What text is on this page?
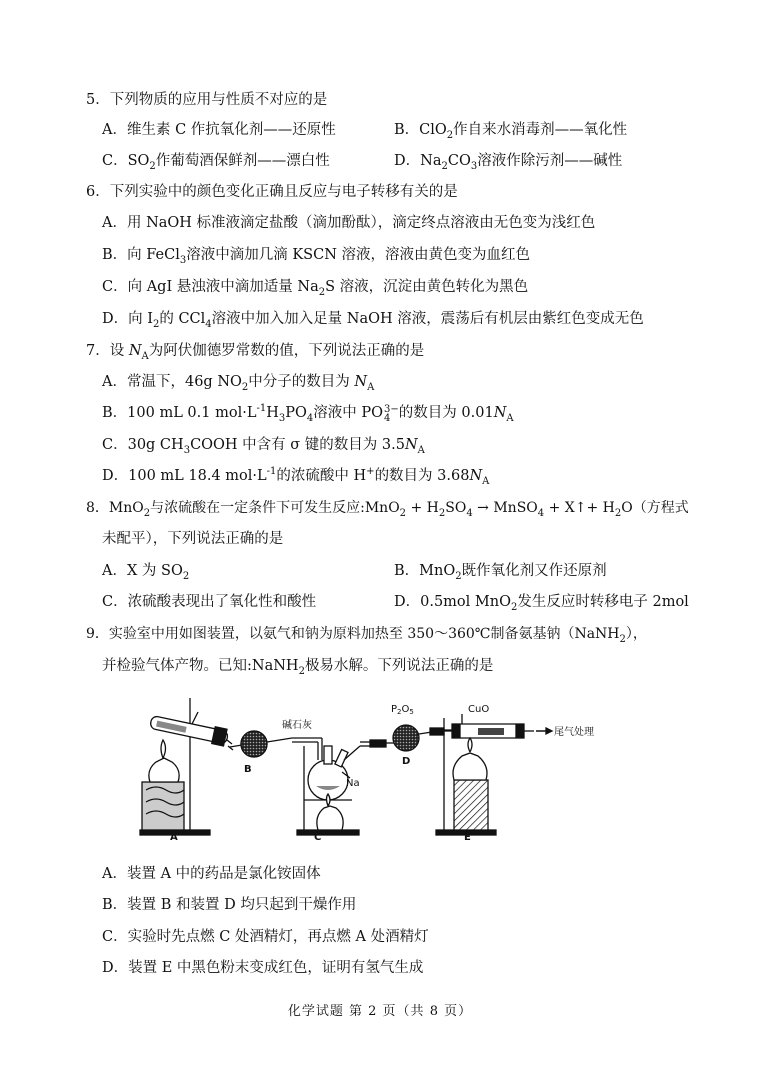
5．下列物质的应用与性质不对应的是
A．维生素 C 作抗氧化剂——还原性	B．ClO$_2$作自来水消毒剂——氧化性
C．$SO_2$作葡萄酒保鲜剂——漂白性	D．$Na_2CO_3$溶液作除污剂——碱性
6．下列实验中的颜色变化正确且反应与电子转移有关的是
A．用 NaOH 标准液滴定盐酸（滴加酚酞），滴定终点溶液由无色变为浅红色
B．向 FeCl$_3$溶液中滴加几滴 KSCN 溶液，溶液由黄色变为血红色
C．向 AgI 悬浊液中滴加适量 $Na_2S$ 溶液，沉淀由黄色转化为黑色
D．向 $I_2$的 CCl$_4$溶液中加入加入足量 NaOH 溶液，震荡后有机层由紫红色变成无色
7．设 $N_A$为阿伏伽德罗常数的值，下列说法正确的是
A．常温下，46g $NO_2$中分子的数目为 $N_A$
B．100 mL 0.1 $mol\cdot L^{-1}H_3PO_4$溶液中 PO 3−
4 的数目为 $0.01N_A$
C．30g $CH_3COOH$ 中含有 σ 键的数目为 $3.5N_A$
D．100 mL 18.4 $mol\cdot L^{-1}$的浓硫酸中 H+的数目为 $3.68N_A$
8．MnO$_2$与浓硫酸在一定条件下可发生反应:MnO$_2$ + $H_2SO_4$ → MnSO$_4$ + X↑+ $H_2O$（方程式
未配平），下列说法正确的是
A．X 为 $SO_2$	B．MnO$_2$既作氧化剂又作还原剂
C．浓硫酸表现出了氧化性和酸性	D．0.5mol MnO$_2$发生反应时转移电子 2mol
9．实验室中用如图装置，以氨气和钠为原料加热至 350～360℃制备氨基钠（NaNH$_2$），
并检验气体产物。已知:NaNH$_2$极易水解。下列说法正确的是
A
B
碱石灰
Na
C
D
$P_2O_5$	CuO
尾气处理
E
A．装置 A 中的药品是氯化铵固体
B．装置 B 和装置 D 均只起到干燥作用
C．实验时先点燃 C 处酒精灯，再点燃 A 处酒精灯
D．装置 E 中黑色粉末变成红色，证明有氢气生成
化学试题 第 2 页（共 8 页）
